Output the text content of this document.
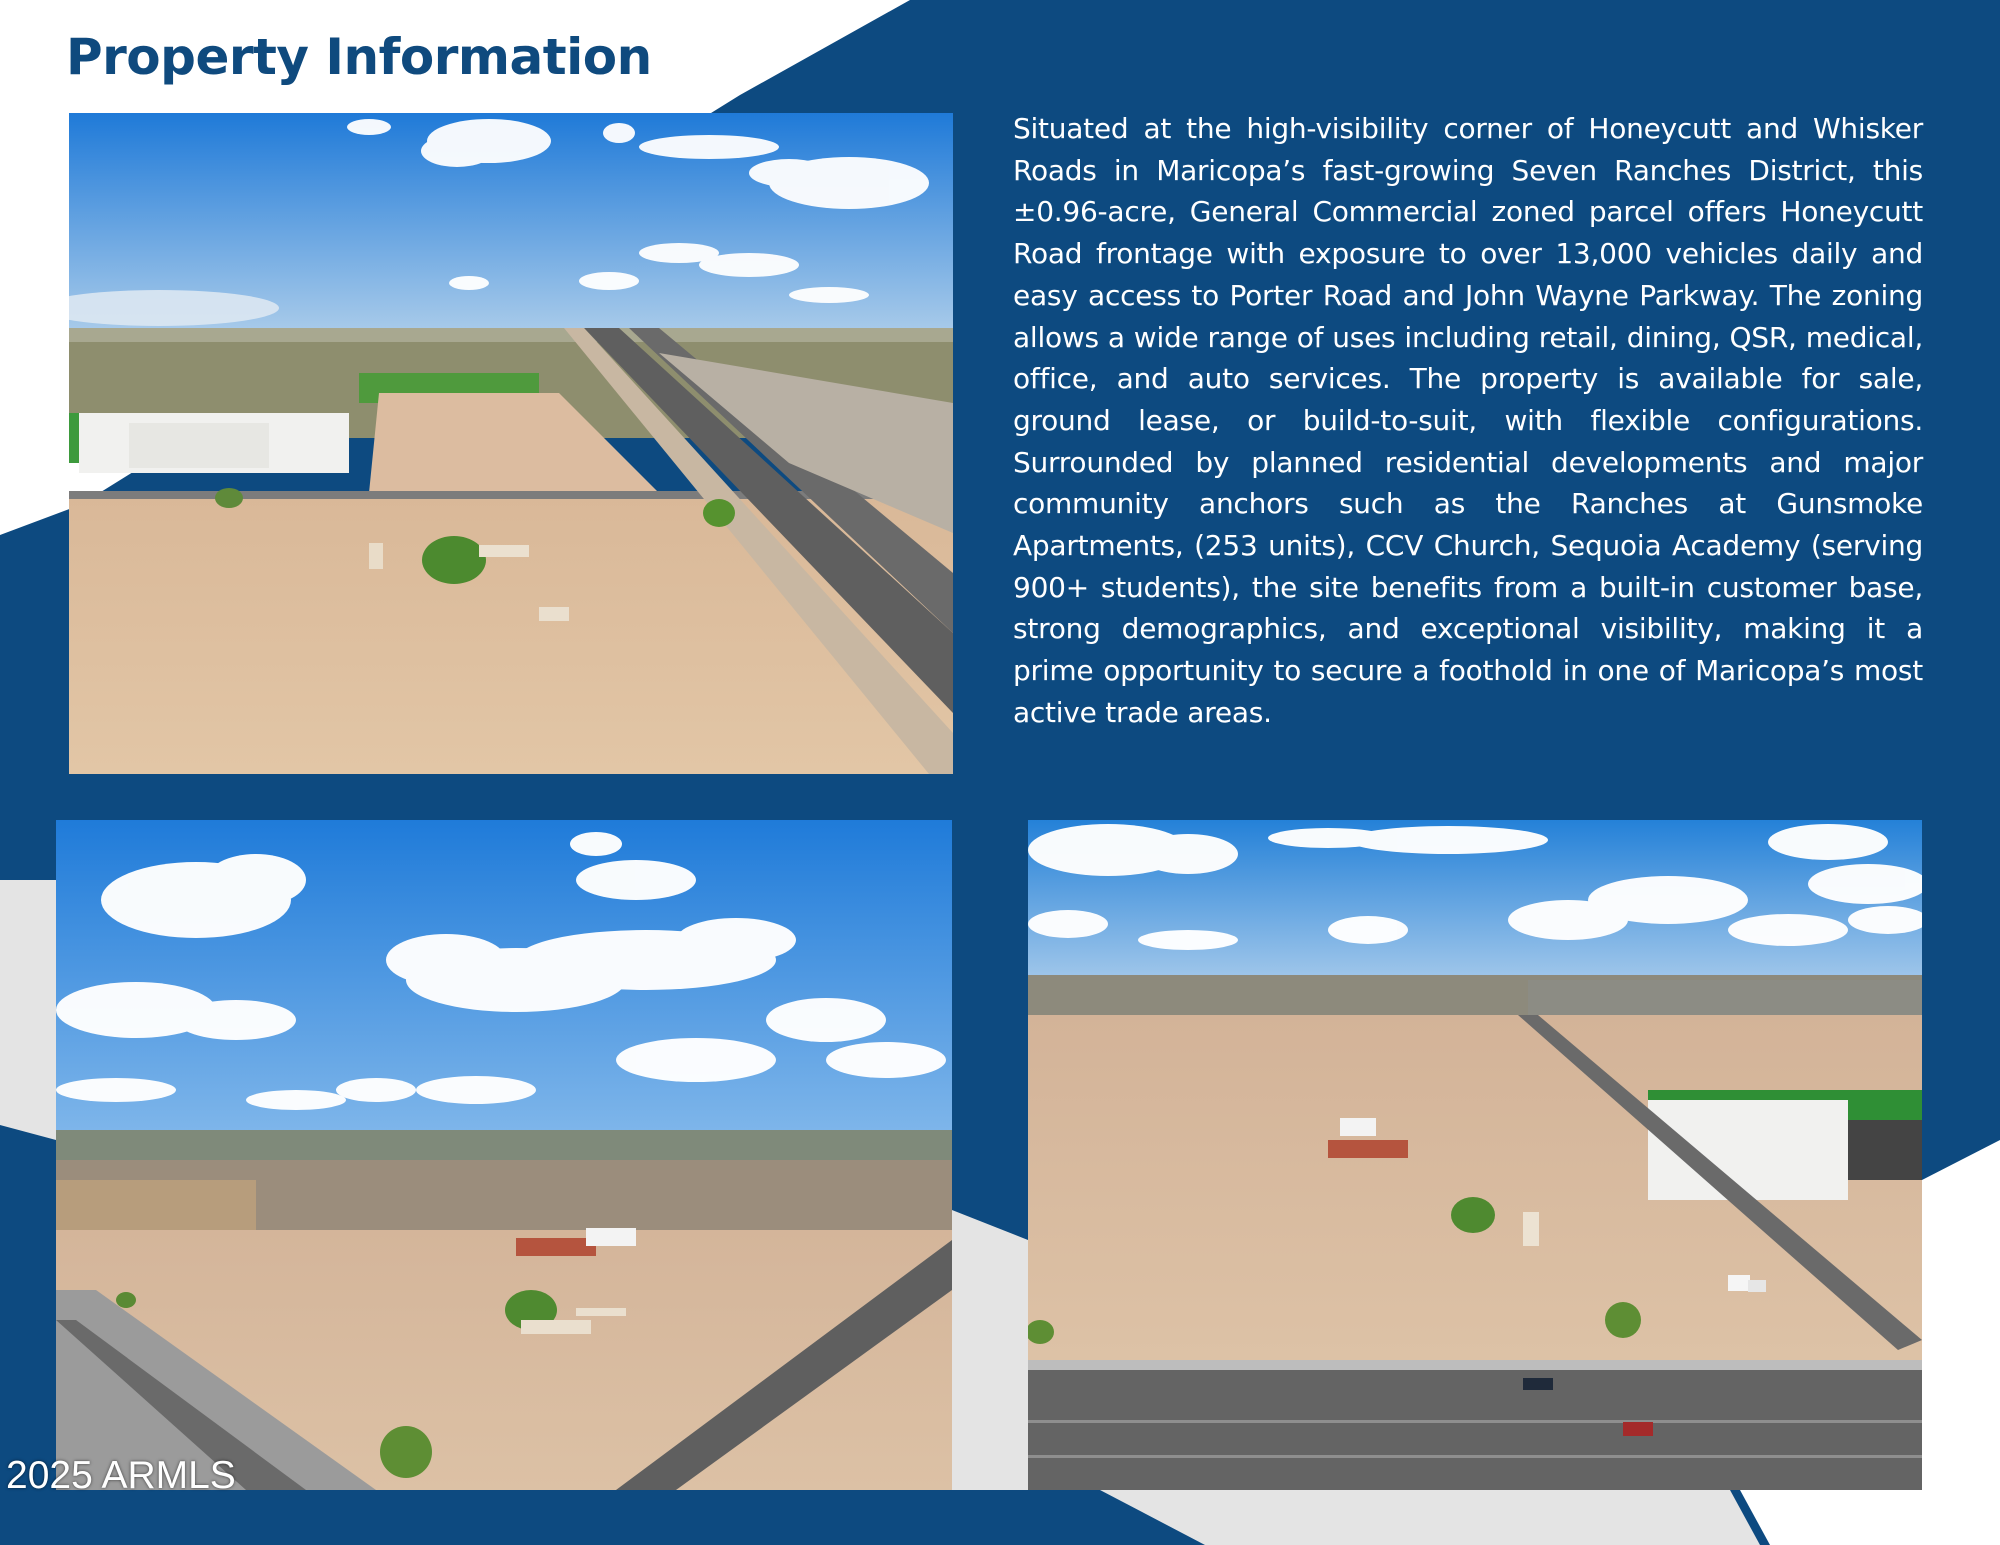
Property Information

Situated at the high-visibility corner of Honeycutt and Whisker Roads in Maricopa’s fast-growing Seven Ranches District, this ±0.96-acre, General Commercial zoned parcel offers Honeycutt Road frontage with exposure to over 13,000 vehicles daily and easy access to Porter Road and John Wayne Parkway. The zoning allows a wide range of uses including retail, dining, QSR, medical, office, and auto services. The property is available for sale, ground lease, or build-to-suit, with flexible configurations. Surrounded by planned residential developments and major community anchors such as the Ranches at Gunsmoke Apartments, (253 units), CCV Church, Sequoia Academy (serving 900+ students), the site benefits from a built-in customer base, strong demographics, and exceptional visibility, making it a prime opportunity to secure a foothold in one of Maricopa’s most active trade areas.

2025 ARMLS
